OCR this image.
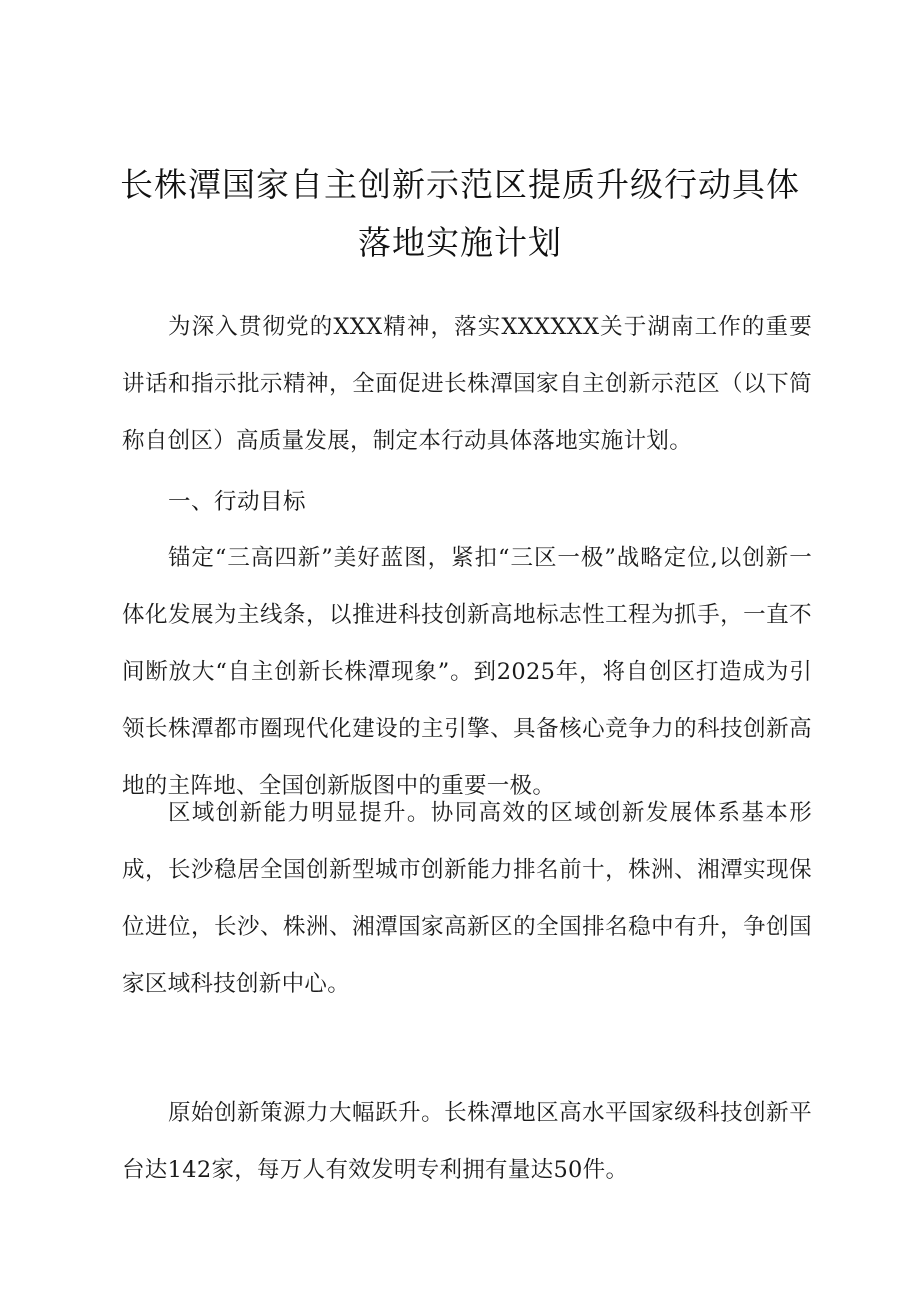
长株潭国家自主创新示范区提质升级行动具体
落地实施计划

为深入贯彻党的XXX精神，落实XXXXXX关于湖南工作的重要讲话和指示批示精神，全面促进长株潭国家自主创新示范区（以下简称自创区）高质量发展，制定本行动具体落地实施计划。

一、行动目标

锚定“三高四新”美好蓝图，紧扣“三区一极”战略定位,以创新一体化发展为主线条，以推进科技创新高地标志性工程为抓手，一直不间断放大“自主创新长株潭现象”。到2025年，将自创区打造成为引领长株潭都市圈现代化建设的主引擎、具备核心竞争力的科技创新高地的主阵地、全国创新版图中的重要一极。

区域创新能力明显提升。协同高效的区域创新发展体系基本形成，长沙稳居全国创新型城市创新能力排名前十，株洲、湘潭实现保位进位，长沙、株洲、湘潭国家高新区的全国排名稳中有升，争创国家区域科技创新中心。

原始创新策源力大幅跃升。长株潭地区高水平国家级科技创新平台达142家，每万人有效发明专利拥有量达50件。
